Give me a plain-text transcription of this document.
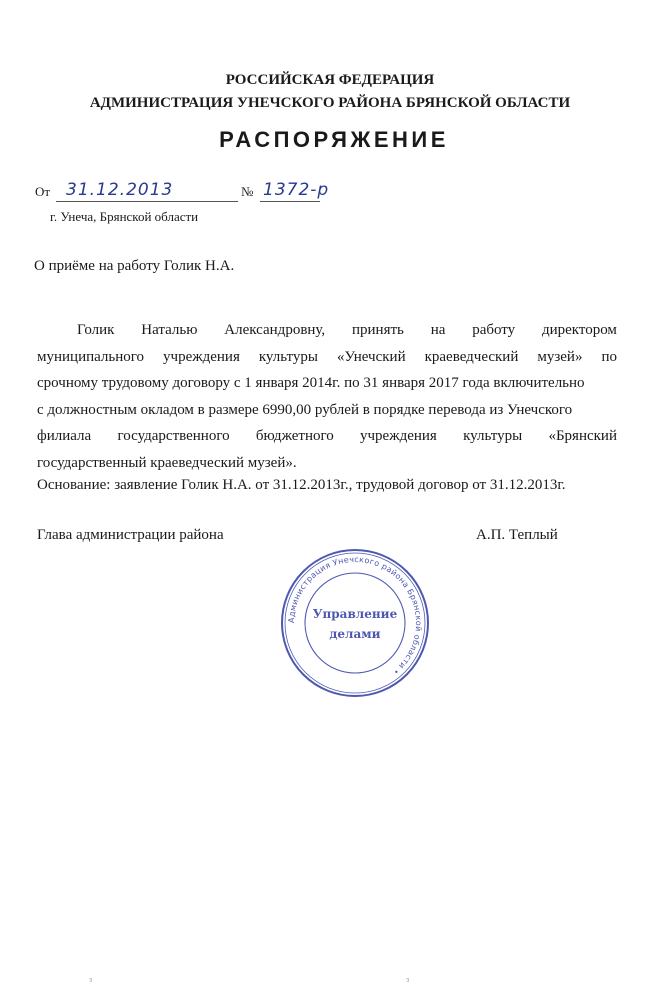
РОССИЙСКАЯ ФЕДЕРАЦИЯ
АДМИНИСТРАЦИЯ УНЕЧСКОГО РАЙОНА БРЯНСКОЙ ОБЛАСТИ
РАСПОРЯЖЕНИЕ
От 31.12.2013	№ 1372-р
г. Унеча, Брянской области
О приёме на работу Голик Н.А.
Голик Наталью Александровну, принять на работу директором
муниципального учреждения культуры «Унечский краеведческий музей» по
срочному трудовому договору с 1 января 2014г. по 31 января 2017 года включительно
с должностным окладом в размере 6990,00 рублей в порядке перевода из Унечского
филиала государственного бюджетного учреждения культуры «Брянский
государственный краеведческий музей».
Основание: заявление Голик Н.А. от 31.12.2013г., трудовой договор от 31.12.2013г.
Глава администрации района	А.П. Теплый
Администрация Унечского района Брянской области •
Управление
делами
з	з
